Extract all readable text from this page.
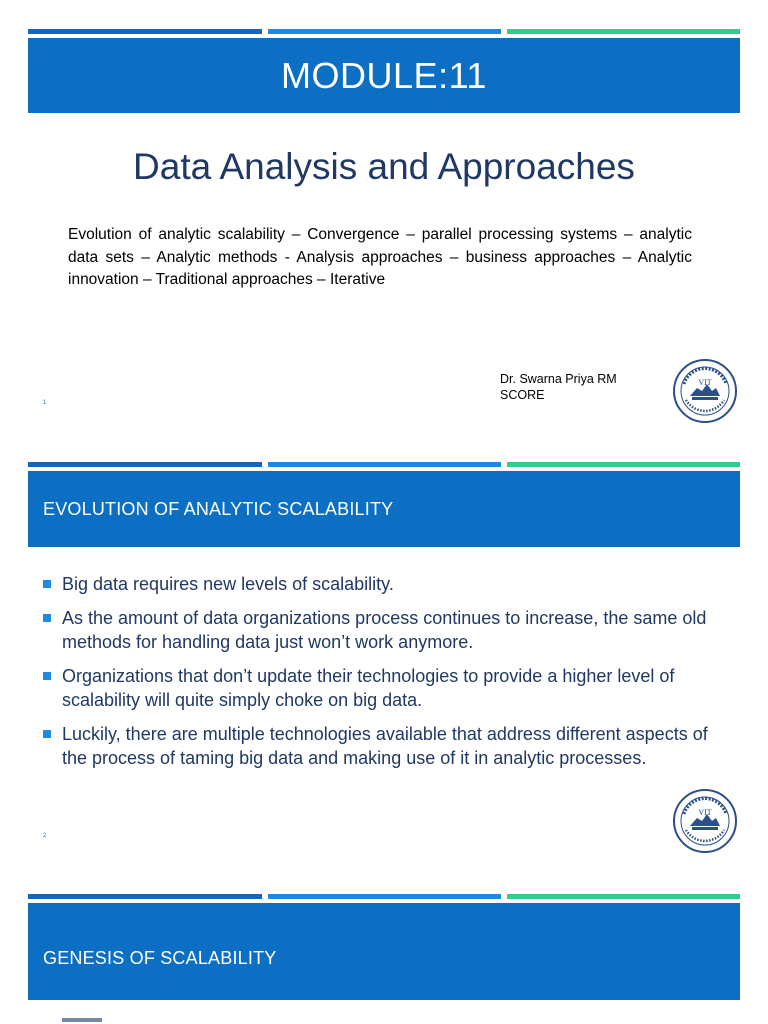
MODULE:11
Data Analysis and Approaches

Evolution of analytic scalability – Convergence – parallel processing systems – analytic data sets – Analytic methods - Analysis approaches – business approaches – Analytic innovation – Traditional approaches – Iterative

Dr. Swarna Priya RM
SCORE
1
VIT
EVOLUTION OF ANALYTIC SCALABILITY
Big data requires new levels of scalability.
As the amount of data organizations process continues to increase, the same old methods for handling data just won’t work anymore.
Organizations that don’t update their technologies to provide a higher level of scalability will quite simply choke on big data.
Luckily, there are multiple technologies available that address different aspects of the process of taming big data and making use of it in analytic processes.
2
VIT
GENESIS OF SCALABILITY
